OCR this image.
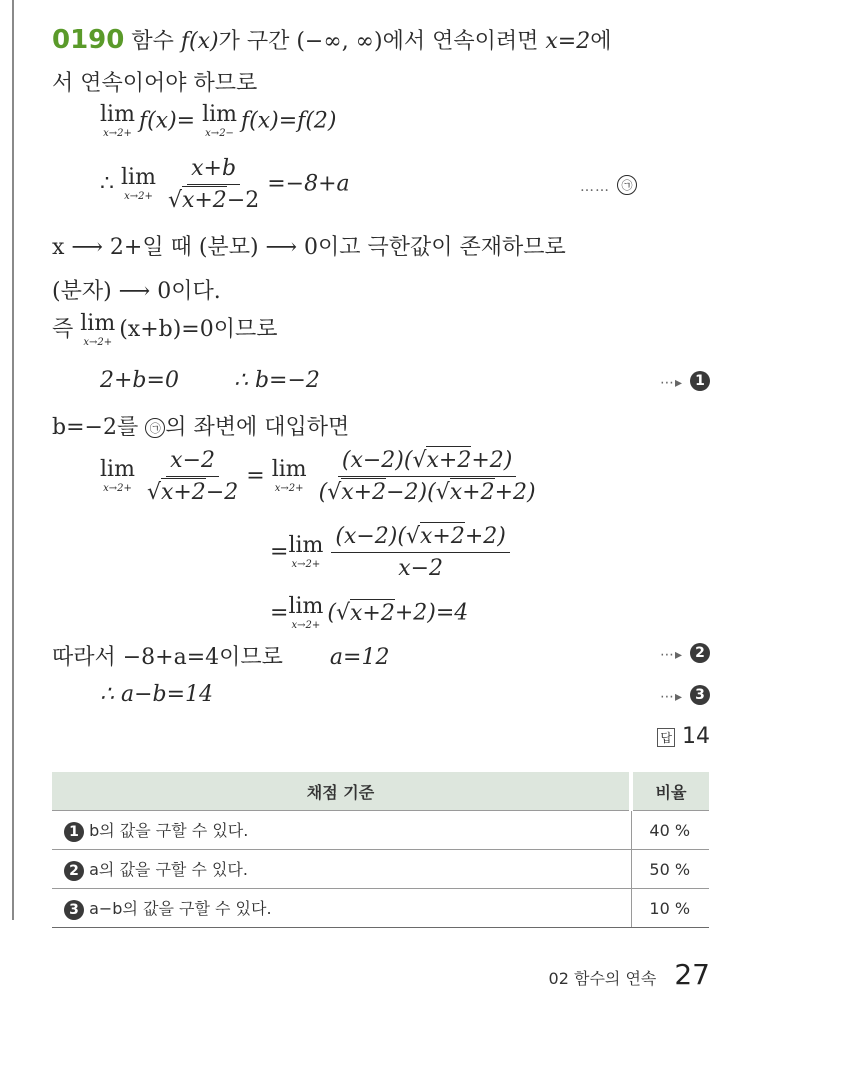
0190 함수 f(x)가 구간 (−∞, ∞)에서 연속이려면 x=2에
서 연속이어야 하므로
lim
x→2+ f(x)= lim
x→2− f(x)=f(2)
∴ lim
$x\to 2+ \frac{x+b}{√x+2-2} =-8+a$	…… ㉠
x ⟶ 2+일 때 (분모) ⟶ 0이고 극한값이 존재하므로
(분자) ⟶ 0이다.
즉 lim
x→2+ (x+b)=0이므로
2+b=0	∴ b=−2	⋯▸ 1
b=−2를 ㉠ 의 좌변에 대입하면
lim
$x\to 2+ \frac{x-2}{√x+2-2} = \lim$
$x\to 2+ \frac{(x-2)(√x+2+2)}{(√x+2-2)(√x+2+2)}$
= lim
$x\to 2+ \frac{(x-2)(√x+2+2)}{x-2}$
= lim
x→2+ (√x+2+2)=4
따라서 −8+a=4이므로 a=12	⋯▸ 2
∴ a−b=14	⋯▸ 3
답 14
채점 기준	비율
1 b의 값을 구할 수 있다.	40 %
2 a의 값을 구할 수 있다.	50 %
3 a−b의 값을 구할 수 있다.	10 %
02 함수의 연속 27
